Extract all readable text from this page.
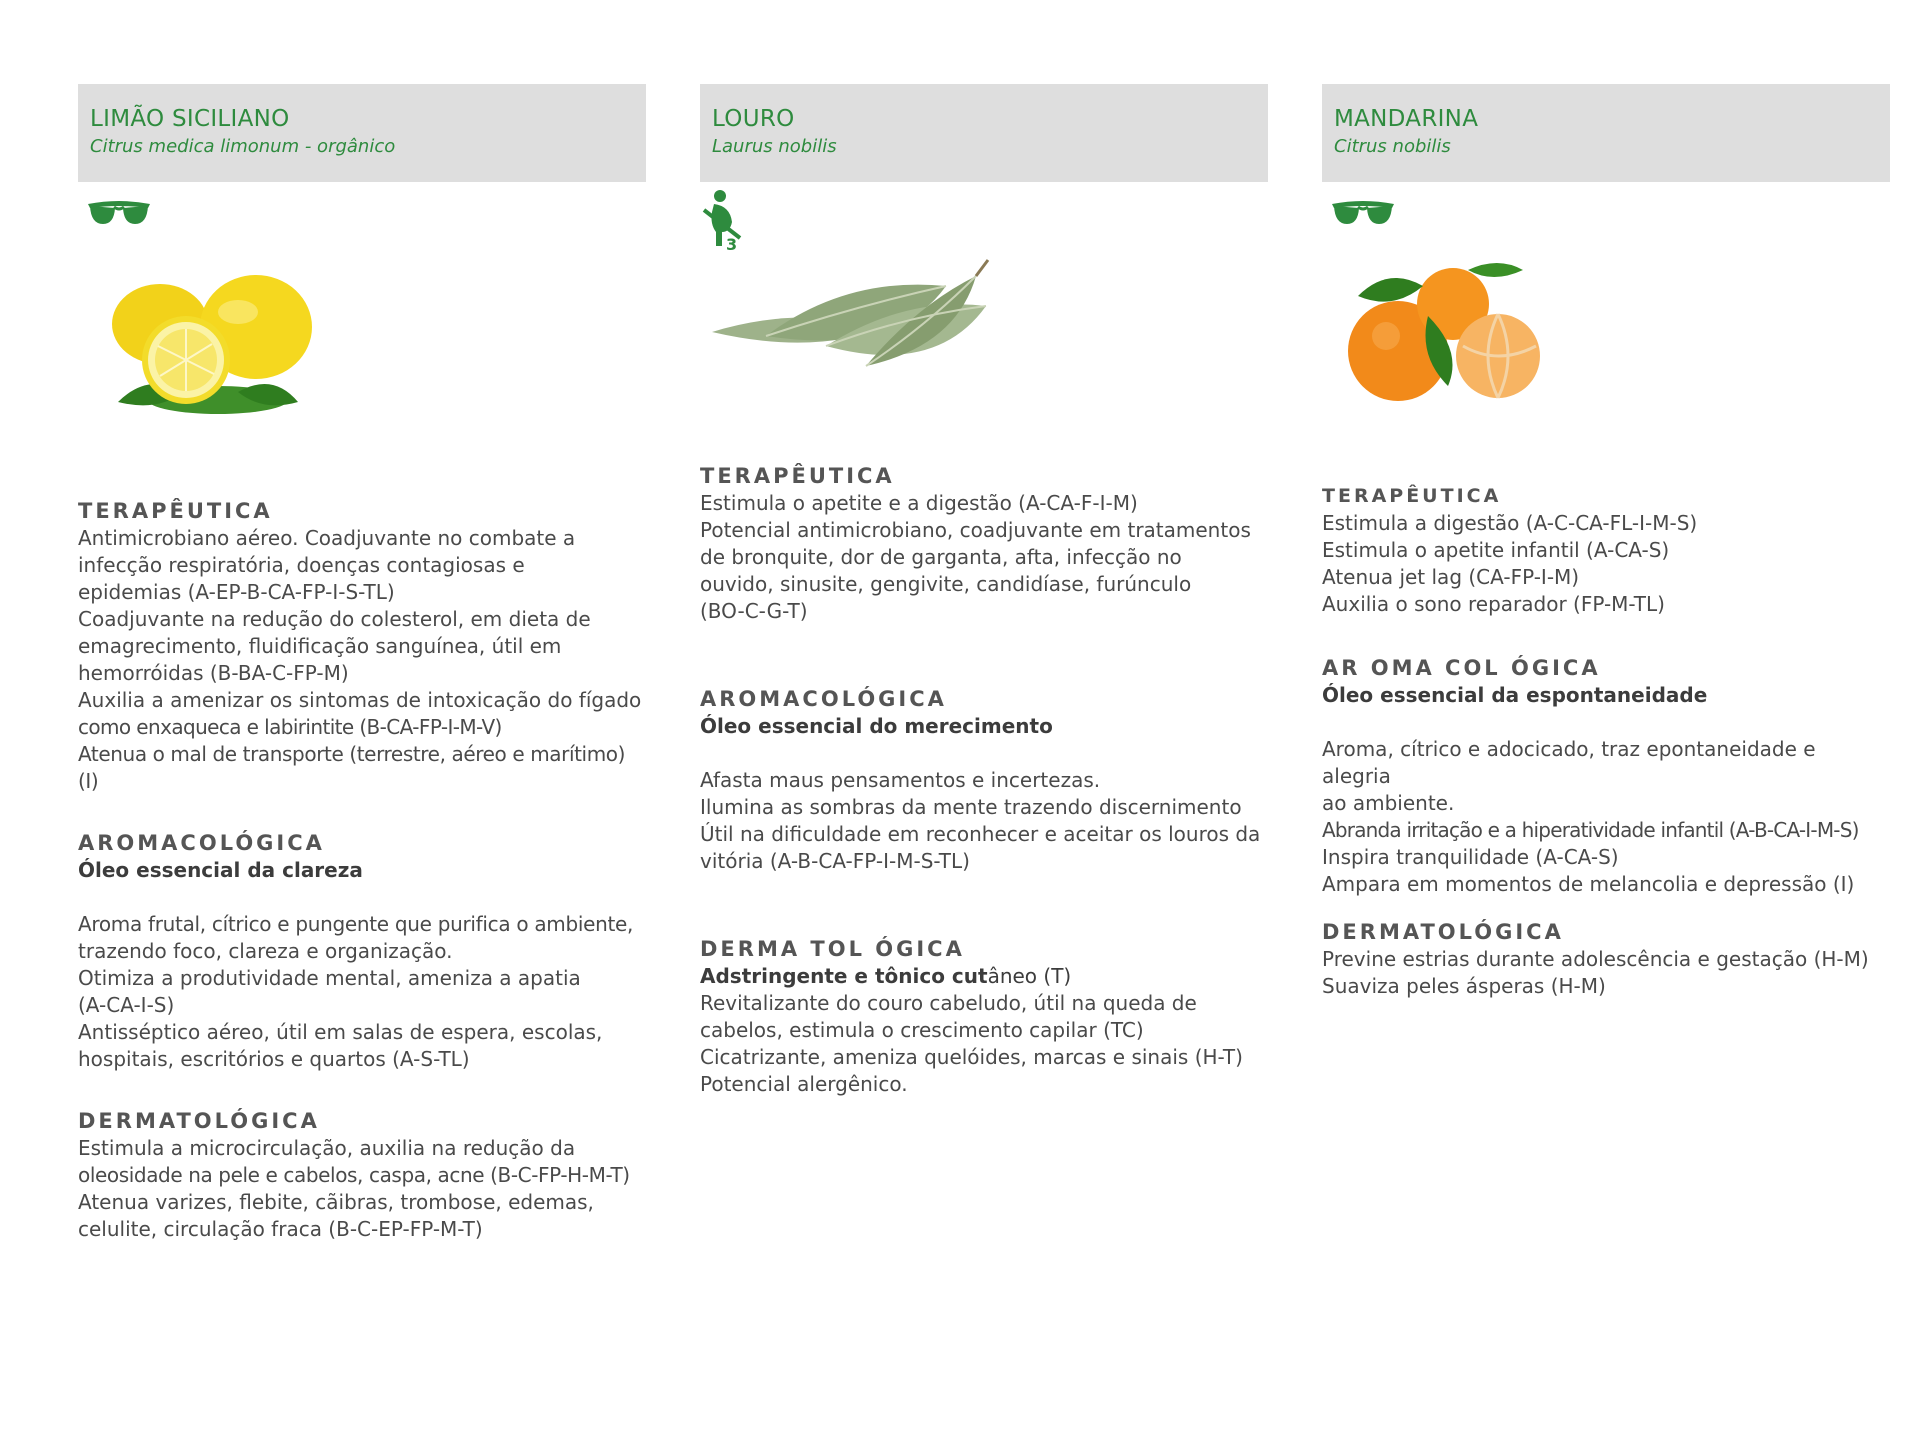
LIMÃO SICILIANO
Citrus medica limonum - orgânico
TERAPÊUTICA

Antimicrobiano aéreo. Coadjuvante no combate a

infecção respiratória, doenças contagiosas e

epidemias (A-EP-B-CA-FP-I-S-TL)

Coadjuvante na redução do colesterol, em dieta de

emagrecimento, fluidificação sanguínea, útil em

hemorróidas (B-BA-C-FP-M)

Auxilia a amenizar os sintomas de intoxicação do fígado

como enxaqueca e labirintite (B-CA-FP-I-M-V)

Atenua o mal de transporte (terrestre, aéreo e marítimo) (I)

AROMACOLÓGICA
Óleo essencial da clareza

Aroma frutal, cítrico e pungente que purifica o ambiente,

trazendo foco, clareza e organização.

Otimiza a produtividade mental, ameniza a apatia

(A-CA-I-S)

Antisséptico aéreo, útil em salas de espera, escolas,

hospitais, escritórios e quartos (A-S-TL)

DERMATOLÓGICA

Estimula a microcirculação, auxilia na redução da

oleosidade na pele e cabelos, caspa, acne (B-C-FP-H-M-T)

Atenua varizes, flebite, cãibras, trombose, edemas,

celulite, circulação fraca (B-C-EP-FP-M-T)

LOURO
Laurus nobilis
3
TERAPÊUTICA

Estimula o apetite e a digestão (A-CA-F-I-M)

Potencial antimicrobiano, coadjuvante em tratamentos

de bronquite, dor de garganta, afta, infecção no

ouvido, sinusite, gengivite, candidíase, furúnculo

(BO-C-G-T)

AROMACOLÓGICA
Óleo essencial do merecimento

Afasta maus pensamentos e incertezas.

Ilumina as sombras da mente trazendo discernimento

Útil na dificuldade em reconhecer e aceitar os louros da

vitória (A-B-CA-FP-I-M-S-TL)

DERMA TOL ÓGICA
Adstringente e tônico cutâneo (T)

Revitalizante do couro cabeludo, útil na queda de

cabelos, estimula o crescimento capilar (TC)

Cicatrizante, ameniza quelóides, marcas e sinais (H-T)

Potencial alergênico.

MANDARINA
Citrus nobilis
TERAPÊUTICA

Estimula a digestão (A-C-CA-FL-I-M-S)

Estimula o apetite infantil (A-CA-S)

Atenua jet lag (CA-FP-I-M)

Auxilia o sono reparador (FP-M-TL)

AR OMA COL ÓGICA
Óleo essencial da espontaneidade

Aroma, cítrico e adocicado, traz epontaneidade e alegria

ao ambiente.

Abranda irritação e a hiperatividade infantil (A-B-CA-I-M-S)

Inspira tranquilidade (A-CA-S)

Ampara em momentos de melancolia e depressão (I)

DERMATOLÓGICA

Previne estrias durante adolescência e gestação (H-M)

Suaviza peles ásperas (H-M)
